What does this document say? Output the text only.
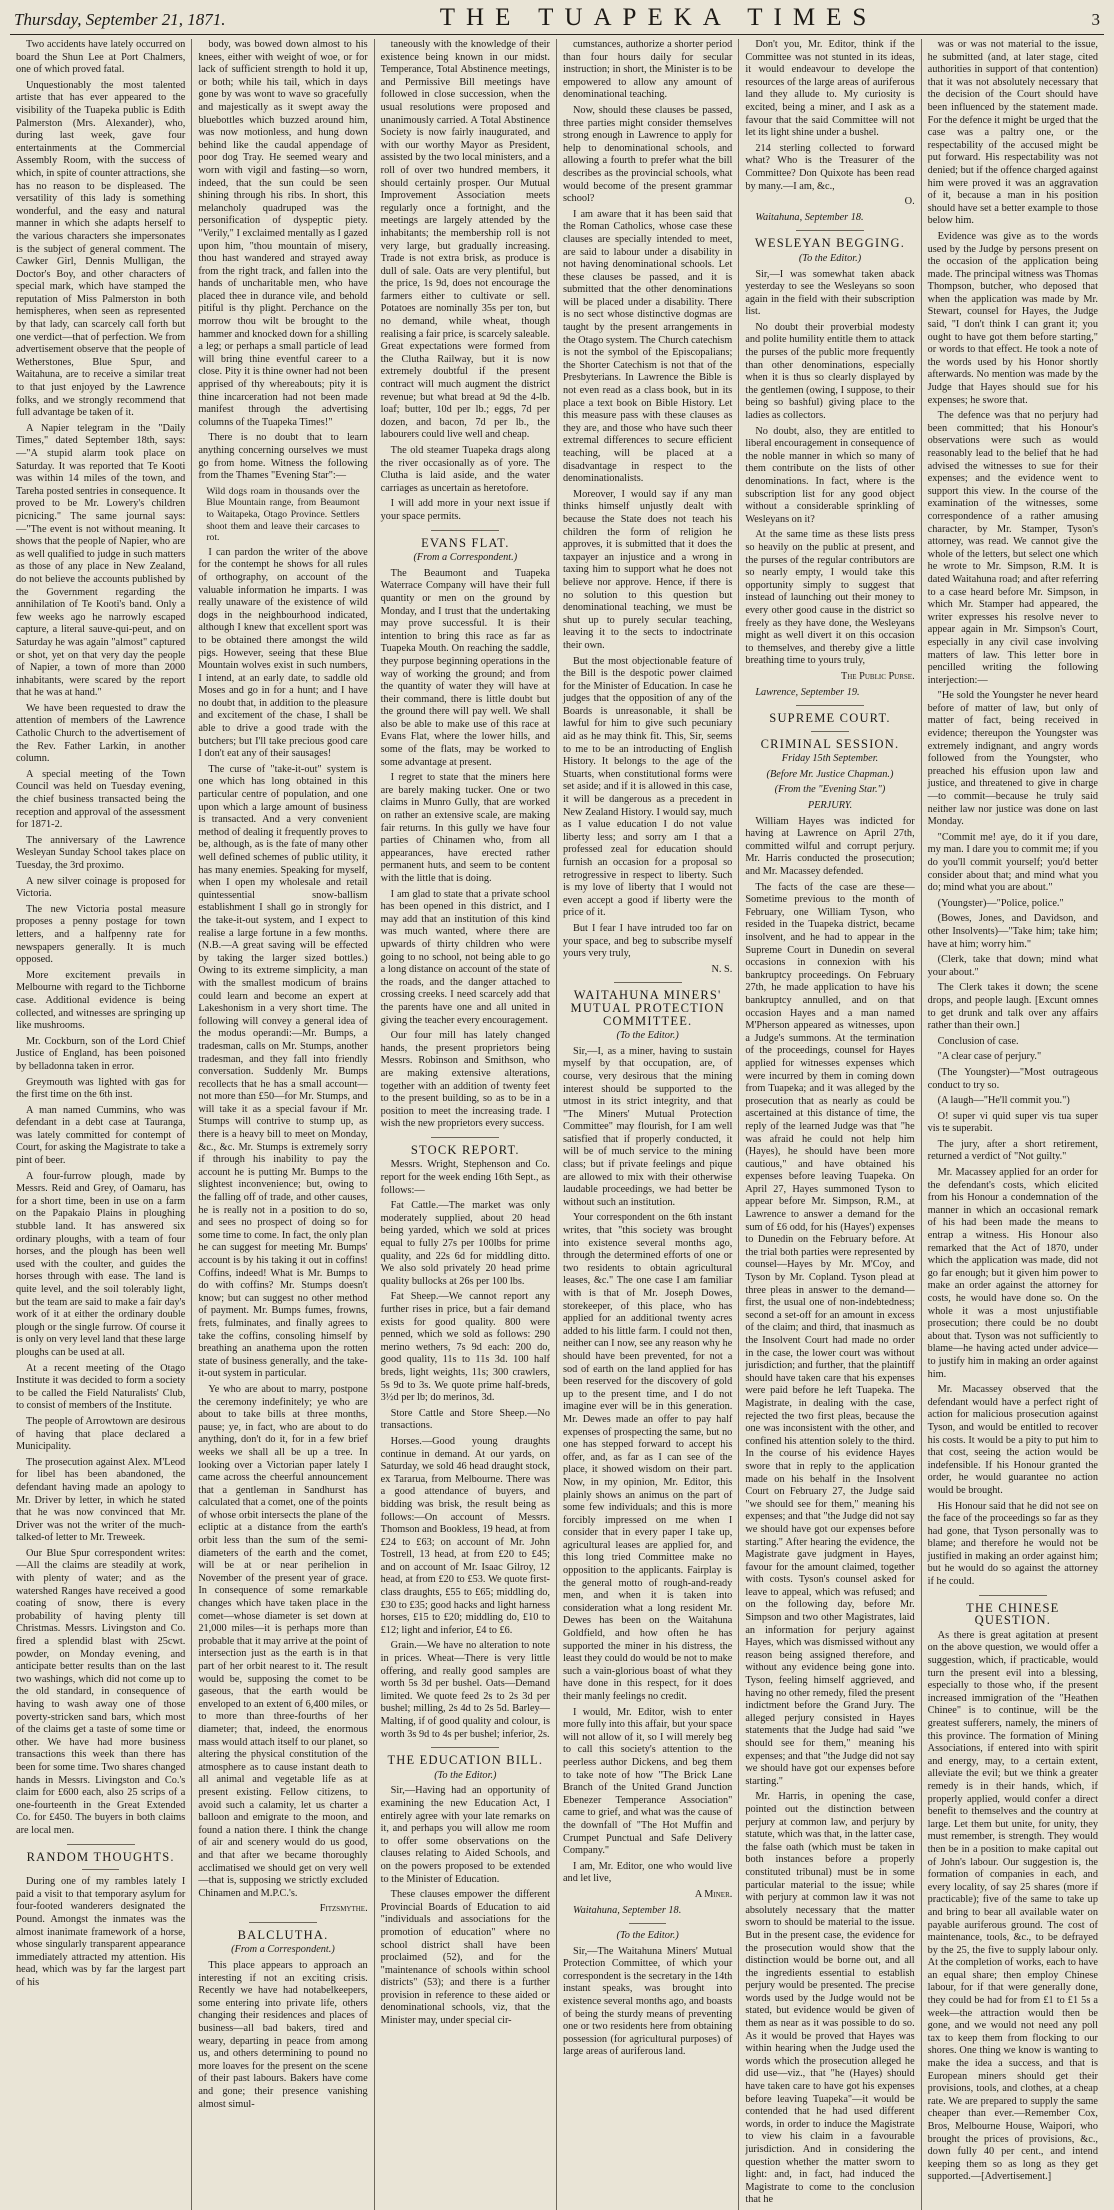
Thursday, September 21, 1871.	THE TUAPEKA TIMES	3

Two accidents have lately occurred on board the Shun Lee at Port Chalmers, one of which proved fatal.

Unquestionably the most talented artiste that has ever appeared to the visibility of the Tuapeka public is Edith Palmerston (Mrs. Alexander), who, during last week, gave four entertainments at the Commercial Assembly Room, with the success of which, in spite of counter attractions, she has no reason to be displeased. The versatility of this lady is something wonderful, and the easy and natural manner in which she adapts herself to the various characters she impersonates is the subject of general comment. The Cawker Girl, Dennis Mulligan, the Doctor's Boy, and other characters of special mark, which have stamped the reputation of Miss Palmerston in both hemispheres, when seen as represented by that lady, can scarcely call forth but one verdict—that of perfection. We from advertisement observe that the people of Wetherstones, Blue Spur, and Waitahuna, are to receive a similar treat to that just enjoyed by the Lawrence folks, and we strongly recommend that full advantage be taken of it.

A Napier telegram in the "Daily Times," dated September 18th, says:—"A stupid alarm took place on Saturday. It was reported that Te Kooti was within 14 miles of the town, and Tareha posted sentries in consequence. It proved to be Mr. Lowery's children picnicing." The same journal says:—"The event is not without meaning. It shows that the people of Napier, who are as well qualified to judge in such matters as those of any place in New Zealand, do not believe the accounts published by the Government regarding the annihilation of Te Kooti's band. Only a few weeks ago he narrowly escaped capture, a literal sauve-qui-peut, and on Saturday he was again "almost" captured or shot, yet on that very day the people of Napier, a town of more than 2000 inhabitants, were scared by the report that he was at hand."

We have been requested to draw the attention of members of the Lawrence Catholic Church to the advertisement of the Rev. Father Larkin, in another column.

A special meeting of the Town Council was held on Tuesday evening, the chief business transacted being the reception and approval of the assessment for 1871-2.

The anniversary of the Lawrence Wesleyan Sunday School takes place on Tuesday, the 3rd proximo.

A new silver coinage is proposed for Victoria.

The new Victoria postal measure proposes a penny postage for town letters, and a halfpenny rate for newspapers generally. It is much opposed.

More excitement prevails in Melbourne with regard to the Tichborne case. Additional evidence is being collected, and witnesses are springing up like mushrooms.

Mr. Cockburn, son of the Lord Chief Justice of England, has been poisoned by belladonna taken in error.

Greymouth was lighted with gas for the first time on the 6th inst.

A man named Cummins, who was defendant in a debt case at Tauranga, was lately committed for contempt of Court, for asking the Magistrate to take a pint of beer.

A four-furrow plough, made by Messrs. Reid and Grey, of Oamaru, has for a short time, been in use on a farm on the Papakaio Plains in ploughing stubble land. It has answered six ordinary ploughs, with a team of four horses, and the plough has been well used with the coulter, and guides the horses through with ease. The land is quite level, and the soil tolerably light, but the team are said to make a fair day's work of it at either the ordinary double plough or the single furrow. Of course it is only on very level land that these large ploughs can be used at all.

At a recent meeting of the Otago Institute it was decided to form a society to be called the Field Naturalists' Club, to consist of members of the Institute.

The people of Arrowtown are desirous of having that place declared a Municipality.

The prosecution against Alex. M'Leod for libel has been abandoned, the defendant having made an apology to Mr. Driver by letter, in which he stated that he was now convinced that Mr. Driver was not the writer of the much-talked-of letter to Mr. Treweek.

Our Blue Spur correspondent writes:—All the claims are steadily at work, with plenty of water; and as the watershed Ranges have received a good coating of snow, there is every probability of having plenty till Christmas. Messrs. Livingston and Co. fired a splendid blast with 25cwt. powder, on Monday evening, and anticipate better results than on the last two washings, which did not come up to the old standard, in consequence of having to wash away one of those poverty-stricken sand bars, which most of the claims get a taste of some time or other. We have had more business transactions this week than there has been for some time. Two shares changed hands in Messrs. Livingston and Co.'s claim for £600 each, also 25 scrips of a one-fourteenth in the Great Extended Co. for £450. The buyers in both claims are local men.

RANDOM THOUGHTS.

During one of my rambles lately I paid a visit to that temporary asylum for four-footed wanderers designated the Pound. Amongst the inmates was the almost inanimate framework of a horse, whose singularly transparent appearance immediately attracted my attention. His head, which was by far the largest part of his

body, was bowed down almost to his knees, either with weight of woe, or for lack of sufficient strength to hold it up, or both; while his tail, which in days gone by was wont to wave so gracefully and majestically as it swept away the bluebottles which buzzed around him, was now motionless, and hung down behind like the caudal appendage of poor dog Tray. He seemed weary and worn with vigil and fasting—so worn, indeed, that the sun could be seen shining through his ribs. In short, this melancholy quadruped was the personification of dyspeptic piety. "Verily," I exclaimed mentally as I gazed upon him, "thou mountain of misery, thou hast wandered and strayed away from the right track, and fallen into the hands of uncharitable men, who have placed thee in durance vile, and behold pitiful is thy plight. Perchance on the morrow thou wilt be brought to the hammer and knocked down for a shilling a leg; or perhaps a small particle of lead will bring thine eventful career to a close. Pity it is thine owner had not been apprised of thy whereabouts; pity it is thine incarceration had not been made manifest through the advertising columns of the Tuapeka Times!"

There is no doubt that to learn anything concerning ourselves we must go from home. Witness the following from the Thames "Evening Star":—

Wild dogs roam in thousands over the Blue Mountain range, from Beaumont to Waitapeka, Otago Province. Settlers shoot them and leave their carcases to rot.

I can pardon the writer of the above for the contempt he shows for all rules of orthography, on account of the valuable information he imparts. I was really unaware of the existence of wild dogs in the neighbourhood indicated, although I knew that excellent sport was to be obtained there amongst the wild pigs. However, seeing that these Blue Mountain wolves exist in such numbers, I intend, at an early date, to saddle old Moses and go in for a hunt; and I have no doubt that, in addition to the pleasure and excitement of the chase, I shall be able to drive a good trade with the butchers; but I'll take precious good care I don't eat any of their sausages!

The curse of "take-it-out" system is one which has long obtained in this particular centre of population, and one upon which a large amount of business is transacted. And a very convenient method of dealing it frequently proves to be, although, as is the fate of many other well defined schemes of public utility, it has many enemies. Speaking for myself, when I open my wholesale and retail quintessential snow-ballism establishment I shall go in strongly for the take-it-out system, and I expect to realise a large fortune in a few months. (N.B.—A great saving will be effected by taking the larger sized bottles.) Owing to its extreme simplicity, a man with the smallest modicum of brains could learn and become an expert at Lakeshonism in a very short time. The following will convey a general idea of the modus operandi:—Mr. Bumps, a tradesman, calls on Mr. Stumps, another tradesman, and they fall into friendly conversation. Suddenly Mr. Bumps recollects that he has a small account—not more than £50—for Mr. Stumps, and will take it as a special favour if Mr. Stumps will contrive to stump up, as there is a heavy bill to meet on Monday, &c., &c. Mr. Stumps is extremely sorry if through his inability to pay the account he is putting Mr. Bumps to the slightest inconvenience; but, owing to the falling off of trade, and other causes, he is really not in a position to do so, and sees no prospect of doing so for some time to come. In fact, the only plan he can suggest for meeting Mr. Bumps' account is by his taking it out in coffins! Coffins, indeed! What is Mr. Bumps to do with coffins? Mr. Stumps doesn't know; but can suggest no other method of payment. Mr. Bumps fumes, frowns, frets, fulminates, and finally agrees to take the coffins, consoling himself by breathing an anathema upon the rotten state of business generally, and the take-it-out system in particular.

Ye who are about to marry, postpone the ceremony indefinitely; ye who are about to take bills at three months, pause; ye, in fact, who are about to do anything, don't do it, for in a few brief weeks we shall all be up a tree. In looking over a Victorian paper lately I came across the cheerful announcement that a gentleman in Sandhurst has calculated that a comet, one of the points of whose orbit intersects the plane of the ecliptic at a distance from the earth's orbit less than the sum of the semi-diameters of the earth and the comet, will be at or near perihelion in November of the present year of grace. In consequence of some remarkable changes which have taken place in the comet—whose diameter is set down at 21,000 miles—it is perhaps more than probable that it may arrive at the point of intersection just as the earth is in that part of her orbit nearest to it. The result would be, supposing the comet to be gaseous, that the earth would be enveloped to an extent of 6,400 miles, or to more than three-fourths of her diameter; that, indeed, the enormous mass would attach itself to our planet, so altering the physical constitution of the atmosphere as to cause instant death to all animal and vegetable life as at present existing. Fellow citizens, to avoid such a calamity, let us charter a balloon and emigrate to the moon, and found a nation there. I think the change of air and scenery would do us good, and that after we became thoroughly acclimatised we should get on very well—that is, supposing we strictly excluded Chinamen and M.P.C.'s.

Fitzsmythe.

BALCLUTHA.
(From a Correspondent.)

This place appears to approach an interesting if not an exciting crisis. Recently we have had notabelkeepers, some entering into private life, others changing their residences and places of business—all bad bakers, tired and weary, departing in peace from among us, and others determining to pound no more loaves for the present on the scene of their past labours. Bakers have come and gone; their presence vanishing almost simul-

taneously with the knowledge of their existence being known in our midst. Temperance, Total Abstinence meetings, and Permissive Bill meetings have followed in close succession, when the usual resolutions were proposed and unanimously carried. A Total Abstinence Society is now fairly inaugurated, and with our worthy Mayor as President, assisted by the two local ministers, and a roll of over two hundred members, it should certainly prosper. Our Mutual Improvement Association meets regularly once a fortnight, and the meetings are largely attended by the inhabitants; the membership roll is not very large, but gradually increasing. Trade is not extra brisk, as produce is dull of sale. Oats are very plentiful, but the price, 1s 9d, does not encourage the farmers either to cultivate or sell. Potatoes are nominally 35s per ton, but no demand, while wheat, though realising a fair price, is scarcely saleable. Great expectations were formed from the Clutha Railway, but it is now extremely doubtful if the present contract will much augment the district revenue; but what bread at 9d the 4-lb. loaf; butter, 10d per lb.; eggs, 7d per dozen, and bacon, 7d per lb., the labourers could live well and cheap.

The old steamer Tuapeka drags along the river occasionally as of yore. The Clutha is laid aside, and the water carriages as uncertain as heretofore.

I will add more in your next issue if your space permits.

EVANS FLAT.
(From a Correspondent.)

The Beaumont and Tuapeka Waterrace Company will have their full quantity or men on the ground by Monday, and I trust that the undertaking may prove successful. It is their intention to bring this race as far as Tuapeka Mouth. On reaching the saddle, they purpose beginning operations in the way of working the ground; and from the quantity of water they will have at their command, there is little doubt but the ground there will pay well. We shall also be able to make use of this race at Evans Flat, where the lower hills, and some of the flats, may be worked to some advantage at present.

I regret to state that the miners here are barely making tucker. One or two claims in Munro Gully, that are worked on rather an extensive scale, are making fair returns. In this gully we have four parties of Chinamen who, from all appearances, have erected rather permanent huts, and seem to be content with the little that is doing.

I am glad to state that a private school has been opened in this district, and I may add that an institution of this kind was much wanted, where there are upwards of thirty children who were going to no school, not being able to go a long distance on account of the state of the roads, and the danger attached to crossing creeks. I need scarcely add that the parents have one and all united in giving the teacher every encouragement.

Our four mill has lately changed hands, the present proprietors being Messrs. Robinson and Smithson, who are making extensive alterations, together with an addition of twenty feet to the present building, so as to be in a position to meet the increasing trade. I wish the new proprietors every success.

STOCK REPORT.

Messrs. Wright, Stephenson and Co. report for the week ending 16th Sept., as follows:—

Fat Cattle.—The market was only moderately supplied, about 20 head being yarded, which we sold at prices equal to fully 27s per 100lbs for prime quality, and 22s 6d for middling ditto. We also sold privately 20 head prime quality bullocks at 26s per 100 lbs.

Fat Sheep.—We cannot report any further rises in price, but a fair demand exists for good quality. 800 were penned, which we sold as follows: 290 merino wethers, 7s 9d each: 200 do, good quality, 11s to 11s 3d. 100 half breds, light weights, 11s; 300 crawlers, 5s 9d to 3s. We quote prime half-breds, 3½d per lb; do merinos, 3d.

Store Cattle and Store Sheep.—No transactions.

Horses.—Good young draughts continue in demand. At our yards, on Saturday, we sold 46 head draught stock, ex Tararua, from Melbourne. There was a good attendance of buyers, and bidding was brisk, the result being as follows:—On account of Messrs. Thomson and Bookless, 19 head, at from £24 to £63; on account of Mr. John Tostrell, 13 head, at from £20 to £45; and on account of Mr. Isaac Gilroy, 12 head, at from £20 to £53. We quote first-class draughts, £55 to £65; middling do, £30 to £35; good hacks and light harness horses, £15 to £20; middling do, £10 to £12; light and inferior, £4 to £6.

Grain.—We have no alteration to note in prices. Wheat—There is very little offering, and really good samples are worth 5s 3d per bushel. Oats—Demand limited. We quote feed 2s to 2s 3d per bushel; milling, 2s 4d to 2s 5d. Barley—Malting, if of good quality and colour, is worth 3s 9d to 4s per bushel; inferior, 2s.

THE EDUCATION BILL.
(To the Editor.)

Sir,—Having had an opportunity of examining the new Education Act, I entirely agree with your late remarks on it, and perhaps you will allow me room to offer some observations on the clauses relating to Aided Schools, and on the powers proposed to be extended to the Minister of Education.

These clauses empower the different Provincial Boards of Education to aid "individuals and associations for the promotion of education" where no school district shall have been proclaimed (52), and for the "maintenance of schools within school districts" (53); and there is a further provision in reference to these aided or denominational schools, viz, that the Minister may, under special cir-

cumstances, authorize a shorter period than four hours daily for secular instruction; in short, the Minister is to be empowered to allow any amount of denominational teaching.

Now, should these clauses be passed, three parties might consider themselves strong enough in Lawrence to apply for help to denominational schools, and allowing a fourth to prefer what the bill describes as the provincial schools, what would become of the present grammar school?

I am aware that it has been said that the Roman Catholics, whose case these clauses are specially intended to meet, are said to labour under a disability in not having denominational schools. Let these clauses be passed, and it is submitted that the other denominations will be placed under a disability. There is no sect whose distinctive dogmas are taught by the present arrangements in the Otago system. The Church catechism is not the symbol of the Episcopalians; the Shorter Catechism is not that of the Presbyterians. In Lawrence the Bible is not even read as a class book, but in its place a text book on Bible History. Let this measure pass with these clauses as they are, and those who have such theer extremal differences to secure efficient teaching, will be placed at a disadvantage in respect to the denominationalists.

Moreover, I would say if any man thinks himself unjustly dealt with because the State does not teach his children the form of religion he approves, it is submitted that it does the taxpayer an injustice and a wrong in taxing him to support what he does not believe nor approve. Hence, if there is no solution to this question but denominational teaching, we must be shut up to purely secular teaching, leaving it to the sects to indoctrinate their own.

But the most objectionable feature of the Bill is the despotic power claimed for the Minister of Education. In case he judges that the opposition of any of the Boards is unreasonable, it shall be lawful for him to give such pecuniary aid as he may think fit. This, Sir, seems to me to be an introducting of English History. It belongs to the age of the Stuarts, when constitutional forms were set aside; and if it is allowed in this case, it will be dangerous as a precedent in New Zealand History. I would say, much as I value education I do not value liberty less; and sorry am I that a professed zeal for education should furnish an occasion for a proposal so retrogressive in respect to liberty. Such is my love of liberty that I would not even accept a good if liberty were the price of it.

But I fear I have intruded too far on your space, and beg to subscribe myself yours very truly,

N. S.

WAITAHUNA MINERS' MUTUAL PROTECTION COMMITTEE.
(To the Editor.)

Sir,—I, as a miner, having to sustain myself by that occupation, are, of course, very desirous that the mining interest should be supported to the utmost in its strict integrity, and that "The Miners' Mutual Protection Committee" may flourish, for I am well satisfied that if properly conducted, it will be of much service to the mining class; but if private feelings and pique are allowed to mix with their otherwise laudable proceedings, we had better be without such an institution.

Your correspondent on the 6th instant writes, that "this society was brought into existence several months ago, through the determined efforts of one or two residents to obtain agricultural leases, &c." The one case I am familiar with is that of Mr. Joseph Dowes, storekeeper, of this place, who has applied for an additional twenty acres added to his little farm. I could not then, neither can I now, see any reason why he should have been prevented, for not a sod of earth on the land applied for has been reserved for the discovery of gold up to the present time, and I do not imagine ever will be in this generation. Mr. Dewes made an offer to pay half expenses of prospecting the same, but no one has stepped forward to accept his offer, and, as far as I can see of the place, it showed wisdom on their part. Now, in my opinion, Mr. Editor, this plainly shows an animus on the part of some few individuals; and this is more forcibly impressed on me when I consider that in every paper I take up, agricultural leases are applied for, and this long tried Committee make no opposition to the applicants. Fairplay is the general motto of rough-and-ready men, and when it is taken into consideration what a long resident Mr. Dewes has been on the Waitahuna Goldfield, and how often he has supported the miner in his distress, the least they could do would be not to make such a vain-glorious boast of what they have done in this respect, for it does their manly feelings no credit.

I would, Mr. Editor, wish to enter more fully into this affair, but your space will not allow of it, so I will merely beg to call this society's attention to the peerless author Dickens, and beg them to take note of how "The Brick Lane Branch of the United Grand Junction Ebenezer Temperance Association" came to grief, and what was the cause of the downfall of "The Hot Muffin and Crumpet Punctual and Safe Delivery Company."

I am, Mr. Editor, one who would live and let live,

A Miner.

Waitahuna, September 18.

(To the Editor.)

Sir,—The Waitahuna Miners' Mutual Protection Committee, of which your correspondent is the secretary in the 14th instant speaks, was brought into existence several months ago, and boasts of being the sturdy means of preventing one or two residents here from obtaining possession (for agricultural purposes) of large areas of auriferous land.

Don't you, Mr. Editor, think if the Committee was not stunted in its ideas, it would endeavour to develope the resources of the large areas of auriferous land they allude to. My curiosity is excited, being a miner, and I ask as a favour that the said Committee will not let its light shine under a bushel.

214 sterling collected to forward what? Who is the Treasurer of the Committee? Don Quixote has been read by many.—I am, &c.,

O.

Waitahuna, September 18.

WESLEYAN BEGGING.
(To the Editor.)

Sir,—I was somewhat taken aback yesterday to see the Wesleyans so soon again in the field with their subscription list.

No doubt their proverbial modesty and polite humility entitle them to attack the purses of the public more frequently than other denominations, especially when it is thus so clearly displayed by the gentlemen (owing, I suppose, to their being so bashful) giving place to the ladies as collectors.

No doubt, also, they are entitled to liberal encouragement in consequence of the noble manner in which so many of them contribute on the lists of other denominations. In fact, where is the subscription list for any good object without a considerable sprinkling of Wesleyans on it?

At the same time as these lists press so heavily on the public at present, and the purses of the regular contributors are so nearly empty, I would take this opportunity simply to suggest that instead of launching out their money to every other good cause in the district so freely as they have done, the Wesleyans might as well divert it on this occasion to themselves, and thereby give a little breathing time to yours truly,

The Public Purse.

Lawrence, September 19.

SUPREME COURT.
CRIMINAL SESSION.
Friday 15th September.
(Before Mr. Justice Chapman.)
(From the "Evening Star.")
PERJURY.

William Hayes was indicted for having at Lawrence on April 27th, committed wilful and corrupt perjury. Mr. Harris conducted the prosecution; and Mr. Macassey defended.

The facts of the case are these—Sometime previous to the month of February, one William Tyson, who resided in the Tuapeka district, became insolvent, and he had to appear in the Supreme Court in Dunedin on several occasions in connexion with his bankruptcy proceedings. On February 27th, he made application to have his bankruptcy annulled, and on that occasion Hayes and a man named M'Pherson appeared as witnesses, upon a Judge's summons. At the termination of the proceedings, counsel for Hayes applied for witnesses expenses which were incurred by them in coming down from Tuapeka; and it was alleged by the prosecution that as nearly as could be ascertained at this distance of time, the reply of the learned Judge was that "he was afraid he could not help him (Hayes), he should have been more cautious," and have obtained his expenses before leaving Tuapeka. On April 27, Hayes summoned Tyson to appear before Mr. Simpson, R.M., at Lawrence to answer a demand for the sum of £6 odd, for his (Hayes') expenses to Dunedin on the February before. At the trial both parties were represented by counsel—Hayes by Mr. M'Coy, and Tyson by Mr. Copland. Tyson plead at three pleas in answer to the demand—first, the usual one of non-indebtedness; second a set-off for an amount in excess of the claim; and third, that inasmuch as the Insolvent Court had made no order in the case, the lower court was without jurisdiction; and further, that the plaintiff should have taken care that his expenses were paid before he left Tuapeka. The Magistrate, in dealing with the case, rejected the two first pleas, because the one was inconsistent with the other, and confined his attention solely to the third. In the course of his evidence Hayes swore that in reply to the application made on his behalf in the Insolvent Court on February 27, the Judge said "we should see for them," meaning his expenses; and that "the Judge did not say we should have got our expenses before starting." After hearing the evidence, the Magistrate gave judgment in Hayes, favour for the amount claimed, together with costs. Tyson's counsel asked for leave to appeal, which was refused; and on the following day, before Mr. Simpson and two other Magistrates, laid an information for perjury against Hayes, which was dismissed without any reason being assigned therefore, and without any evidence being gone into. Tyson, feeling himself aggrieved, and having no other remedy, filed the present indictment before the Grand Jury. The alleged perjury consisted in Hayes statements that the Judge had said "we should see for them," meaning his expenses; and that "the Judge did not say we should have got our expenses before starting."

Mr. Harris, in opening the case, pointed out the distinction between perjury at common law, and perjury by statute, which was that, in the latter case, the false oath (which must be taken in both instances before a properly constituted tribunal) must be in some particular material to the issue; while with perjury at common law it was not absolutely necessary that the matter sworn to should be material to the issue. But in the present case, the evidence for the prosecution would show that the distinction would be borne out, and all the ingredients essential to establish perjury would be presented. The precise words used by the Judge would not be stated, but evidence would be given of them as near as it was possible to do so. As it would be proved that Hayes was within hearing when the Judge used the words which the prosecution alleged he did use—viz., that "he (Hayes) should have taken care to have got his expenses before leaving Tuapeka"—it would be contended that he had used different words, in order to induce the Magistrate to view his claim in a favourable jurisdiction. And in considering the question whether the matter sworn to light: and, in fact, had induced the Magistrate to come to the conclusion that he

was or was not material to the issue, he submitted (and, at later stage, cited authorities in support of that contention) that it was not absolutely necessary that the decision of the Court should have been influenced by the statement made. For the defence it might be urged that the case was a paltry one, or the respectability of the accused might be put forward. His respectability was not denied; but if the offence charged against him were proved it was an aggravation of it, because a man in his position should have set a better example to those below him.

Evidence was give as to the words used by the Judge by persons present on the occasion of the application being made. The principal witness was Thomas Thompson, butcher, who deposed that when the application was made by Mr. Stewart, counsel for Hayes, the Judge said, "I don't think I can grant it; you ought to have got them before starting," or words to that effect. He took a note of the words used by his Honor shortly afterwards. No mention was made by the Judge that Hayes should sue for his expenses; he swore that.

The defence was that no perjury had been committed; that his Honour's observations were such as would reasonably lead to the belief that he had advised the witnesses to sue for their expenses; and the evidence went to support this view. In the course of the examination of the witnesses, some correspondence of a rather amusing character, by Mr. Stamper, Tyson's attorney, was read. We cannot give the whole of the letters, but select one which he wrote to Mr. Simpson, R.M. It is dated Waitahuna road; and after referring to a case heard before Mr. Simpson, in which Mr. Stamper had appeared, the writer expresses his resolve never to appear again in Mr. Simpson's Court, especially in any civil case involving matters of law. This letter bore in pencilled writing the following interjection:—

"He sold the Youngster he never heard before of matter of law, but only of matter of fact, being received in evidence; thereupon the Youngster was extremely indignant, and angry words followed from the Youngster, who preached his effusion upon law and justice, and threatened to give in charge—to commit—because he truly said neither law nor justice was done on last Monday.

"Commit me! aye, do it if you dare, my man. I dare you to commit me; if you do you'll commit yourself; you'd better consider about that; and mind what you do; mind what you are about."

(Youngster)—"Police, police."

(Bowes, Jones, and Davidson, and other Insolvents)—"Take him; take him; have at him; worry him."

(Clerk, take that down; mind what your about."

The Clerk takes it down; the scene drops, and people laugh. [Excunt omnes to get drunk and talk over any affairs rather than their own.]

Conclusion of case.

"A clear case of perjury."

(The Youngster)—"Most outrageous conduct to try so.

(A laugh—"He'll commit you.")

O! super vi quid super vis tua super vis te superabit.

The jury, after a short retirement, returned a verdict of "Not guilty."

Mr. Macassey applied for an order for the defendant's costs, which elicited from his Honour a condemnation of the manner in which an occasional remark of his had been made the means to entrap a witness. His Honour also remarked that the Act of 1870, under which the application was made, did not go far enough; but it given him power to make an order against the attorney for costs, he would have done so. On the whole it was a most unjustifiable prosecution; there could be no doubt about that. Tyson was not sufficiently to blame—he having acted under advice—to justify him in making an order against him.

Mr. Macassey observed that the defendant would have a perfect right of action for malicious prosecution against Tyson, and would be entitled to recover his costs. It would be a pity to put him to that cost, seeing the action would be indefensible. If his Honour granted the order, he would guarantee no action would be brought.

His Honour said that he did not see on the face of the proceedings so far as they had gone, that Tyson personally was to blame; and therefore he would not be justified in making an order against him; but he would do so against the attorney if he could.

THE CHINESE QUESTION.

As there is great agitation at present on the above question, we would offer a suggestion, which, if practicable, would turn the present evil into a blessing, especially to those who, if the present increased immigration of the "Heathen Chinee" is to continue, will be the greatest sufferers, namely, the miners of this province. The formation of Mining Associations, if entered into with spirit and energy, may, to a certain extent, alleviate the evil; but we think a greater remedy is in their hands, which, if properly applied, would confer a direct benefit to themselves and the country at large. Let them but unite, for unity, they must remember, is strength. They would then be in a position to make capital out of John's labour. Our suggestion is, the formation of companies in each, and every locality, of say 25 shares (more if practicable); five of the same to take up and bring to bear all available water on payable auriferous ground. The cost of maintenance, tools, &c., to be defrayed by the 25, the five to supply labour only. At the completion of works, each to have an equal share; then employ Chinese labour, for if that were generally done, they could be had for from £1 to £1 5s a week—the attraction would then be gone, and we would not need any poll tax to keep them from flocking to our shores. One thing we know is wanting to make the idea a success, and that is European miners should get their provisions, tools, and clothes, at a cheap rate. We are prepared to supply the same cheaper than ever.—Remember Cox, Bros, Melbourne House, Waipori, who brought the prices of provisions, &c., down fully 40 per cent., and intend keeping them so as long as they get supported.—[Advertisement.]
